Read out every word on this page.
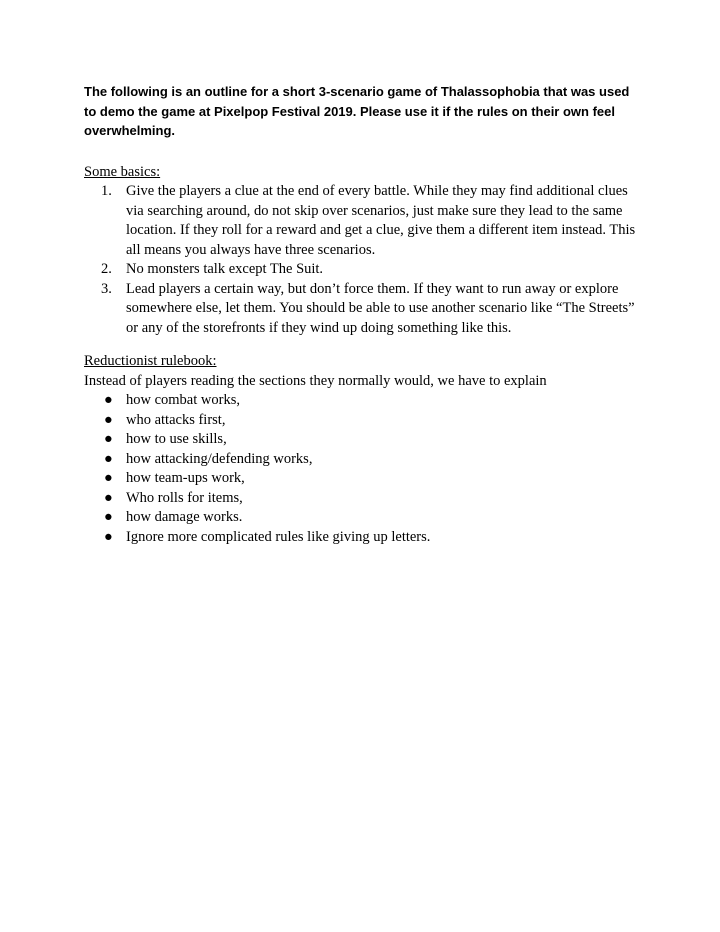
The following is an outline for a short 3-scenario game of Thalassophobia that was used to demo the game at Pixelpop Festival 2019. Please use it if the rules on their own feel overwhelming.

Some basics:

1. Give the players a clue at the end of every battle. While they may find additional clues via searching around, do not skip over scenarios, just make sure they lead to the same location. If they roll for a reward and get a clue, give them a different item instead. This all means you always have three scenarios.
2. No monsters talk except The Suit.
3. Lead players a certain way, but don’t force them. If they want to run away or explore somewhere else, let them. You should be able to use another scenario like “The Streets” or any of the storefronts if they wind up doing something like this.

Reductionist rulebook:

Instead of players reading the sections they normally would, we have to explain

● how combat works,
● who attacks first,
● how to use skills,
● how attacking/defending works,
● how team-ups work,
● Who rolls for items,
● how damage works.
● Ignore more complicated rules like giving up letters.
